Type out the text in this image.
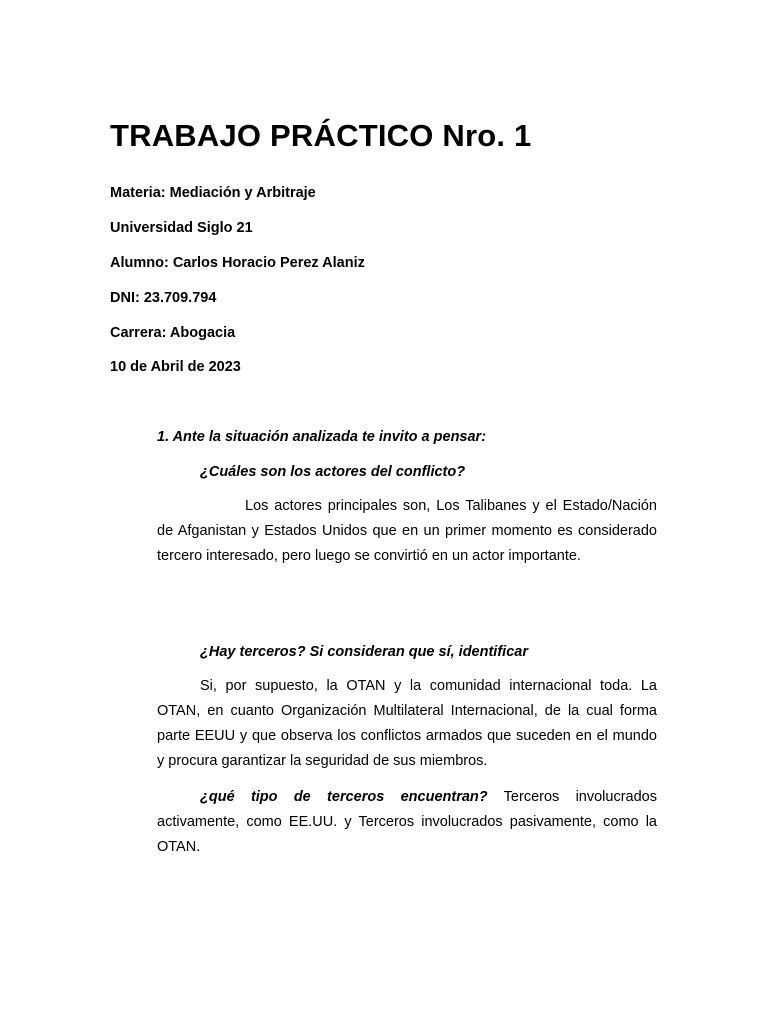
TRABAJO PRÁCTICO Nro. 1

Materia: Mediación y Arbitraje

Universidad Siglo 21

Alumno: Carlos Horacio Perez Alaniz

DNI: 23.709.794

Carrera: Abogacia

10 de Abril de 2023

1. Ante la situación analizada te invito a pensar:

¿Cuáles son los actores del conflicto?

Los actores principales son, Los Talibanes y el Estado/Nación de Afganistan y Estados Unidos que en un primer momento es considerado tercero interesado, pero luego se convirtió en un actor importante.

¿Hay terceros? Si consideran que sí, identificar

Si, por supuesto, la OTAN y la comunidad internacional toda. La OTAN, en cuanto Organización Multilateral Internacional, de la cual forma parte EEUU y que observa los conflictos armados que suceden en el mundo y procura garantizar la seguridad de sus miembros.

¿qué tipo de terceros encuentran? Terceros involucrados activamente, como EE.UU. y Terceros involucrados pasivamente, como la OTAN.
